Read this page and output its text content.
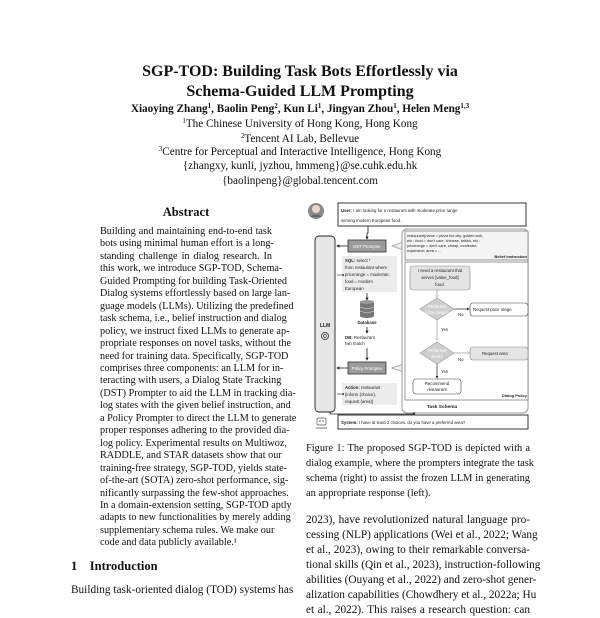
SGP-TOD: Building Task Bots Effortlessly via
Schema-Guided LLM Prompting
Xiaoying Zhang$^1$, Baolin Peng$^2$, Kun Li$^1$, Jingyan Zhou$^1$, Helen Meng$^{1,3}$
$^1$The Chinese University of Hong Kong, Hong Kong
$^2$Tencent AI Lab, Bellevue
$^3$Centre for Perceptual and Interactive Intelligence, Hong Kong
{zhangxy, kunli, jyzhou, hmmeng}@se.cuhk.edu.hk
{baolinpeng}@global.tencent.com
Abstract
Building and maintaining end-to-end task
bots using minimal human effort is a long-
standing challenge in dialog research. In
this work, we introduce SGP-TOD, Schema-
Guided Prompting for building Task-Oriented
Dialog systems effortlessly based on large lan-
guage models (LLMs). Utilizing the predefined
task schema, i.e., belief instruction and dialog
policy, we instruct fixed LLMs to generate ap-
propriate responses on novel tasks, without the
need for training data. Specifically, SGP-TOD
comprises three components: an LLM for in-
teracting with users, a Dialog State Tracking
(DST) Prompter to aid the LLM in tracking dia-
log states with the given belief instruction, and
a Policy Prompter to direct the LLM to generate
proper responses adhering to the provided dia-
log policy. Experimental results on Multiwoz,
RADDLE, and STAR datasets show that our
training-free strategy, SGP-TOD, yields state-
of-the-art (SOTA) zero-shot performance, sig-
nificantly surpassing the few-shot approaches.
In a domain-extension setting, SGP-TOD aptly
adapts to new functionalities by merely adding
supplementary schema rules. We make our
code and data publicly available.¹
1 Introduction
Building task-oriented dialog (TOD) systems has
User: I am looking for a restaurant with moderate price range
serving modern European food.
LLM
DST Prompter
SQL: select *
from restaurant where
pricerange = moderate;
food = modern
European
Database
DB: Restaurant
two match
Policy Prompter
Action: restaurant
{inform (choice),
request (area)}
restaurant{name = pizza hut city, golden wok,
etc.; food = don't care, chinese, british, etc.;
pricerange = don't care, cheap, moderate,
expensive; area = ...
Belief Instruction
I need a restaurant that
serves [value_food]
food.
Preferred
price range? No
Request price range
Yes
Preferred
area?
No
Request area
Yes
Recommend
restaurant
Dialog Policy
Task Schema
System: I have at least 2 choices, do you have a preferred area?
Figure 1: The proposed SGP-TOD is depicted with a
dialog example, where the prompters integrate the task
schema (right) to assist the frozen LLM in generating
an appropriate response (left).
2023), have revolutionized natural language pro-
cessing (NLP) applications (Wei et al., 2022; Wang
et al., 2023), owing to their remarkable conversa-
tional skills (Qin et al., 2023), instruction-following
abilities (Ouyang et al., 2022) and zero-shot gener-
alization capabilities (Chowdhery et al., 2022a; Hu
et al., 2022). This raises a research question: can
